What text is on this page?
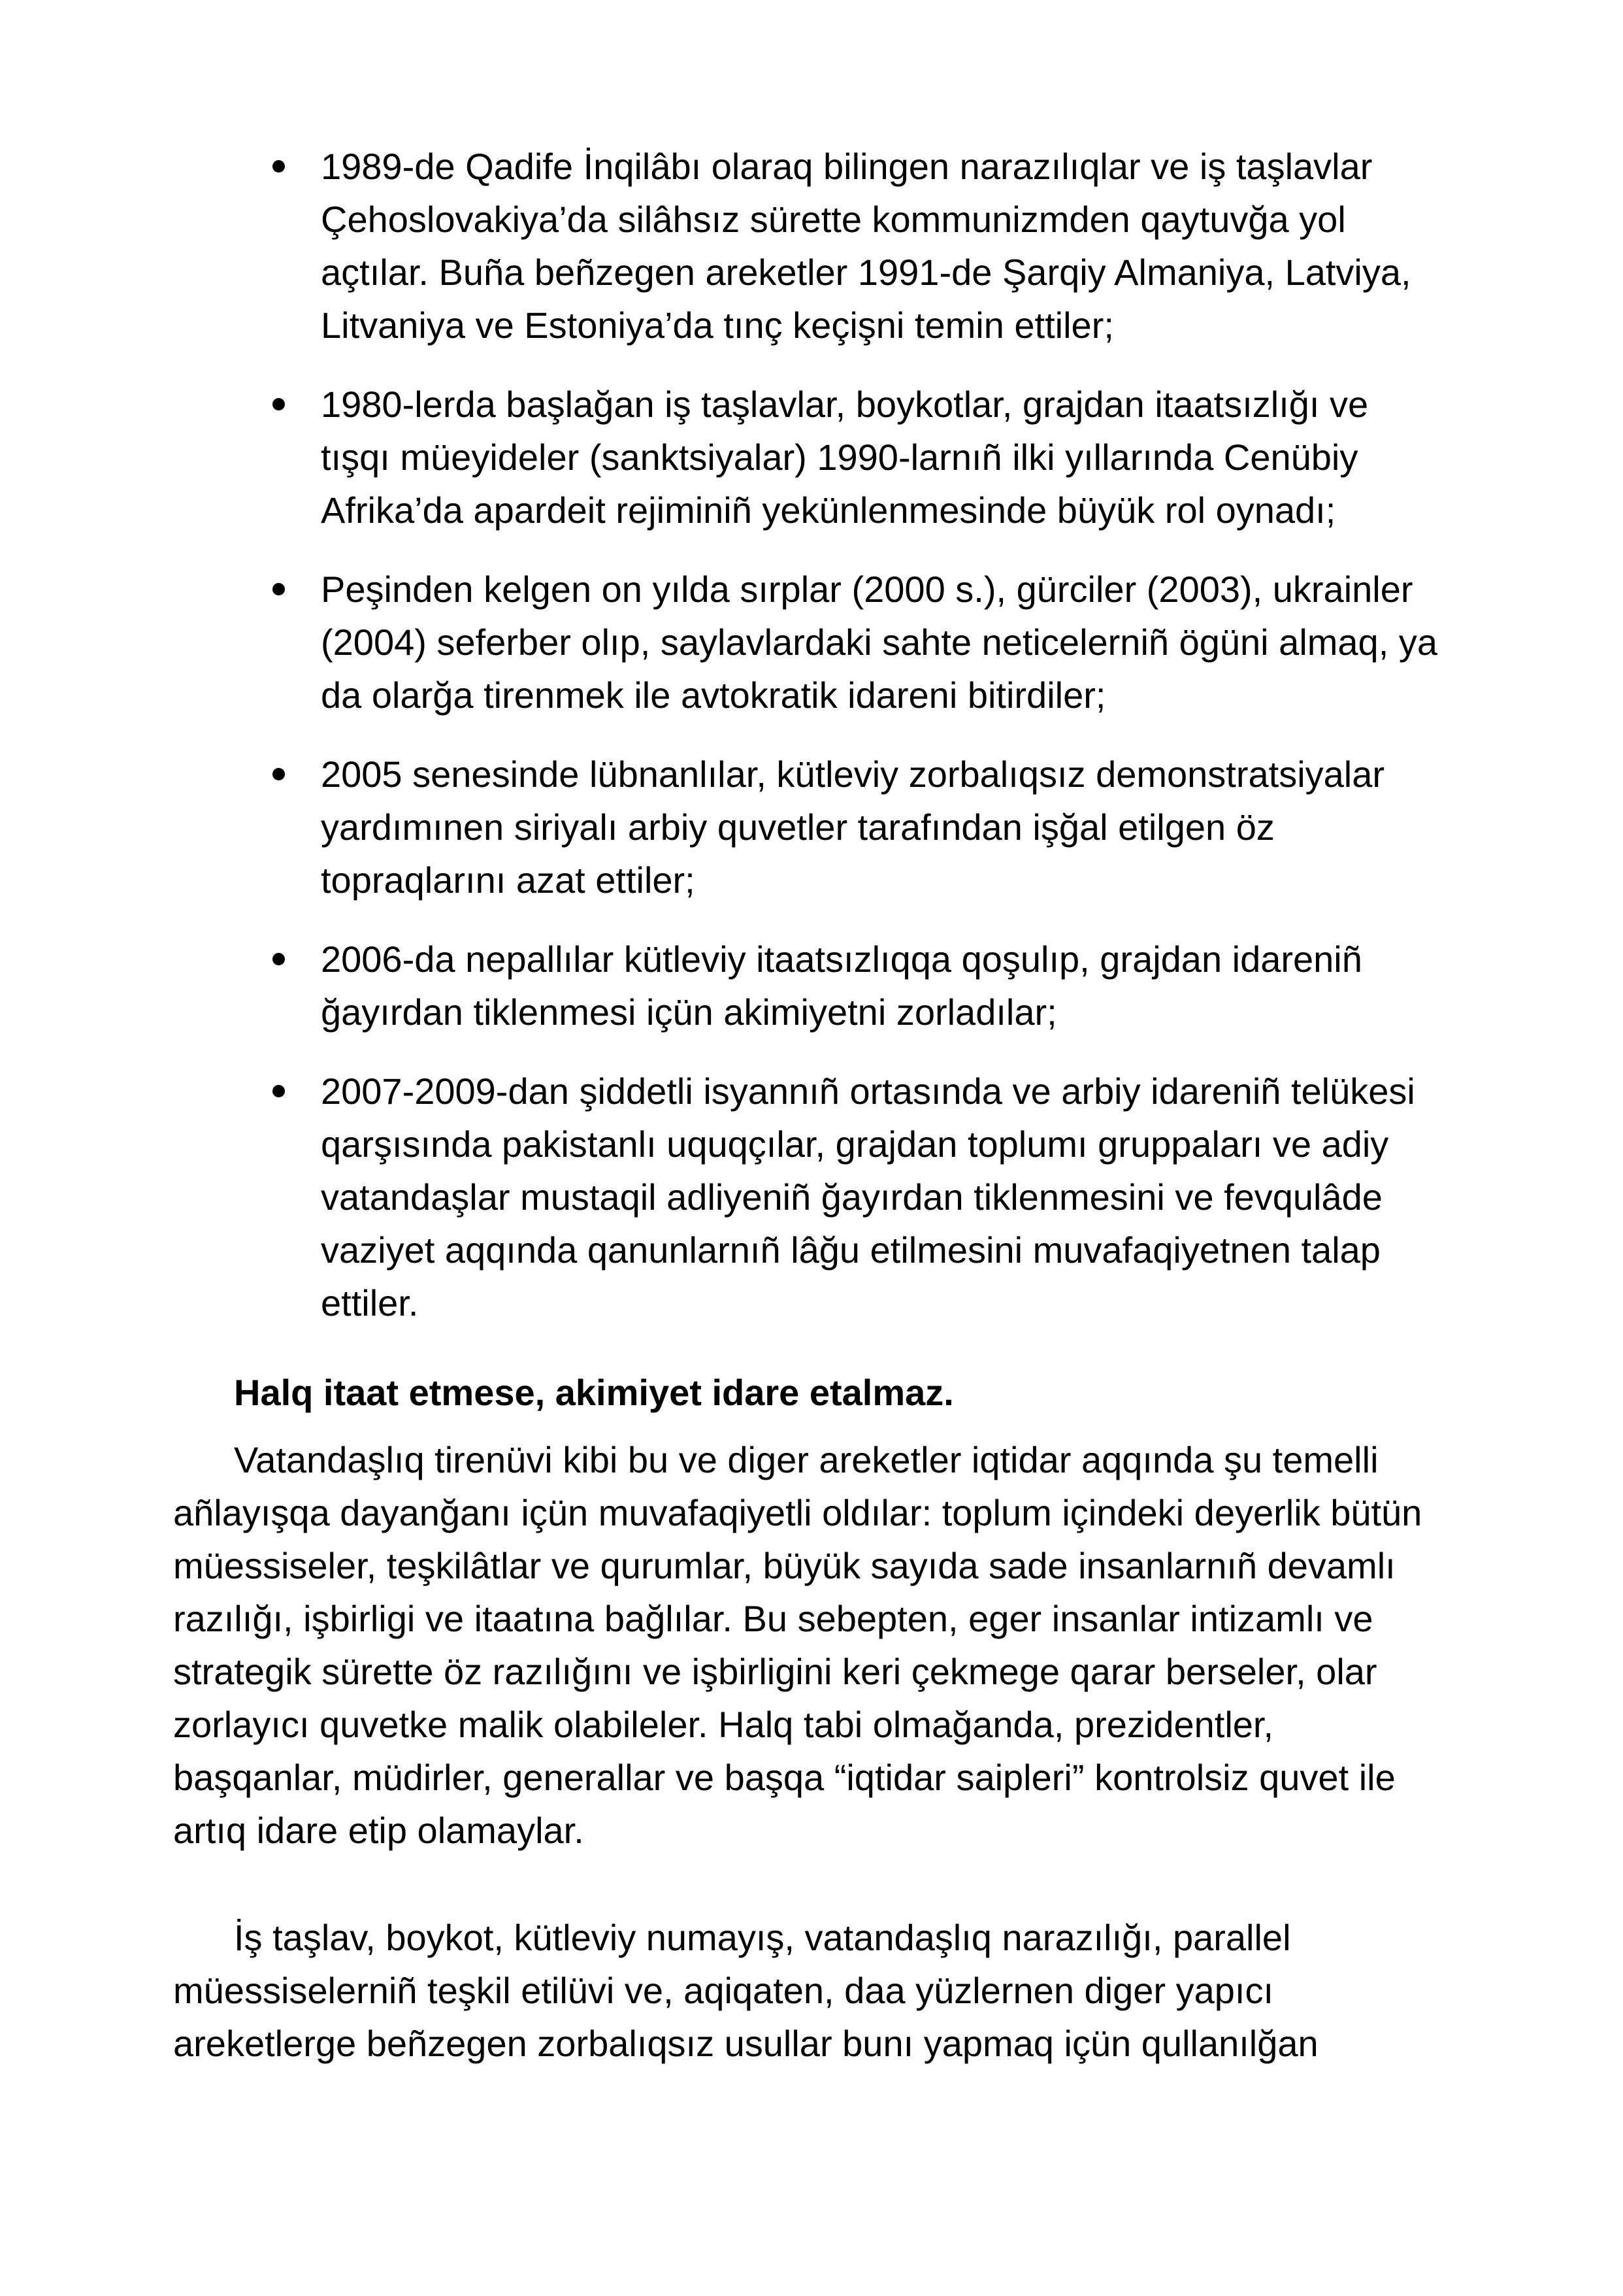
1989-de Qadife İnqilâbı olaraq bilingen narazılıqlar ve iş taşlavlar
Çehoslovakiya’da silâhsız sürette kommunizmden qaytuvğa yol
açtılar. Buña beñzegen areketler 1991-de Şarqiy Almaniya, Latviya,
Litvaniya ve Estoniya’da tınç keçişni temin ettiler;
1980-lerda başlağan iş taşlavlar, boykotlar, grajdan itaatsızlığı ve
tışqı müeyideler (sanktsiyalar) 1990-larnıñ ilki yıllarında Cenübiy
Afrika’da apardeit rejiminiñ yekünlenmesinde büyük rol oynadı;
Peşinden kelgen on yılda sırplar (2000 s.), gürciler (2003), ukrainler
(2004) seferber olıp, saylavlardaki sahte neticelerniñ ögüni almaq, ya
da olarğa tirenmek ile avtokratik idareni bitirdiler;
2005 senesinde lübnanlılar, kütleviy zorbalıqsız demonstratsiyalar
yardımınen siriyalı arbiy quvetler tarafından işğal etilgen öz
topraqlarını azat ettiler;
2006-da nepallılar kütleviy itaatsızlıqqa qoşulıp, grajdan idareniñ
ğayırdan tiklenmesi içün akimiyetni zorladılar;
2007-2009-dan şiddetli isyannıñ ortasında ve arbiy idareniñ telükesi
qarşısında pakistanlı uquqçılar, grajdan toplumı gruppaları ve adiy
vatandaşlar mustaqil adliyeniñ ğayırdan tiklenmesini ve fevqulâde
vaziyet aqqında qanunlarnıñ lâğu etilmesini muvafaqiyetnen talap
ettiler.

Halq itaat etmese, akimiyet idare etalmaz.

Vatandaşlıq tirenüvi kibi bu ve diger areketler iqtidar aqqında şu temelli
añlayışqa dayanğanı içün muvafaqiyetli oldılar: toplum içindeki deyerlik bütün
müessiseler, teşkilâtlar ve qurumlar, büyük sayıda sade insanlarnıñ devamlı
razılığı, işbirligi ve itaatına bağlılar. Bu sebepten, eger insanlar intizamlı ve
strategik sürette öz razılığını ve işbirligini keri çekmege qarar berseler, olar
zorlayıcı quvetke malik olabileler. Halq tabi olmağanda, prezidentler,
başqanlar, müdirler, generallar ve başqa “iqtidar saipleri” kontrolsiz quvet ile
artıq idare etip olamaylar.

İş taşlav, boykot, kütleviy numayış, vatandaşlıq narazılığı, parallel
müessiselerniñ teşkil etilüvi ve, aqiqaten, daa yüzlernen diger yapıcı
areketlerge beñzegen zorbalıqsız usullar bunı yapmaq içün qullanılğan
